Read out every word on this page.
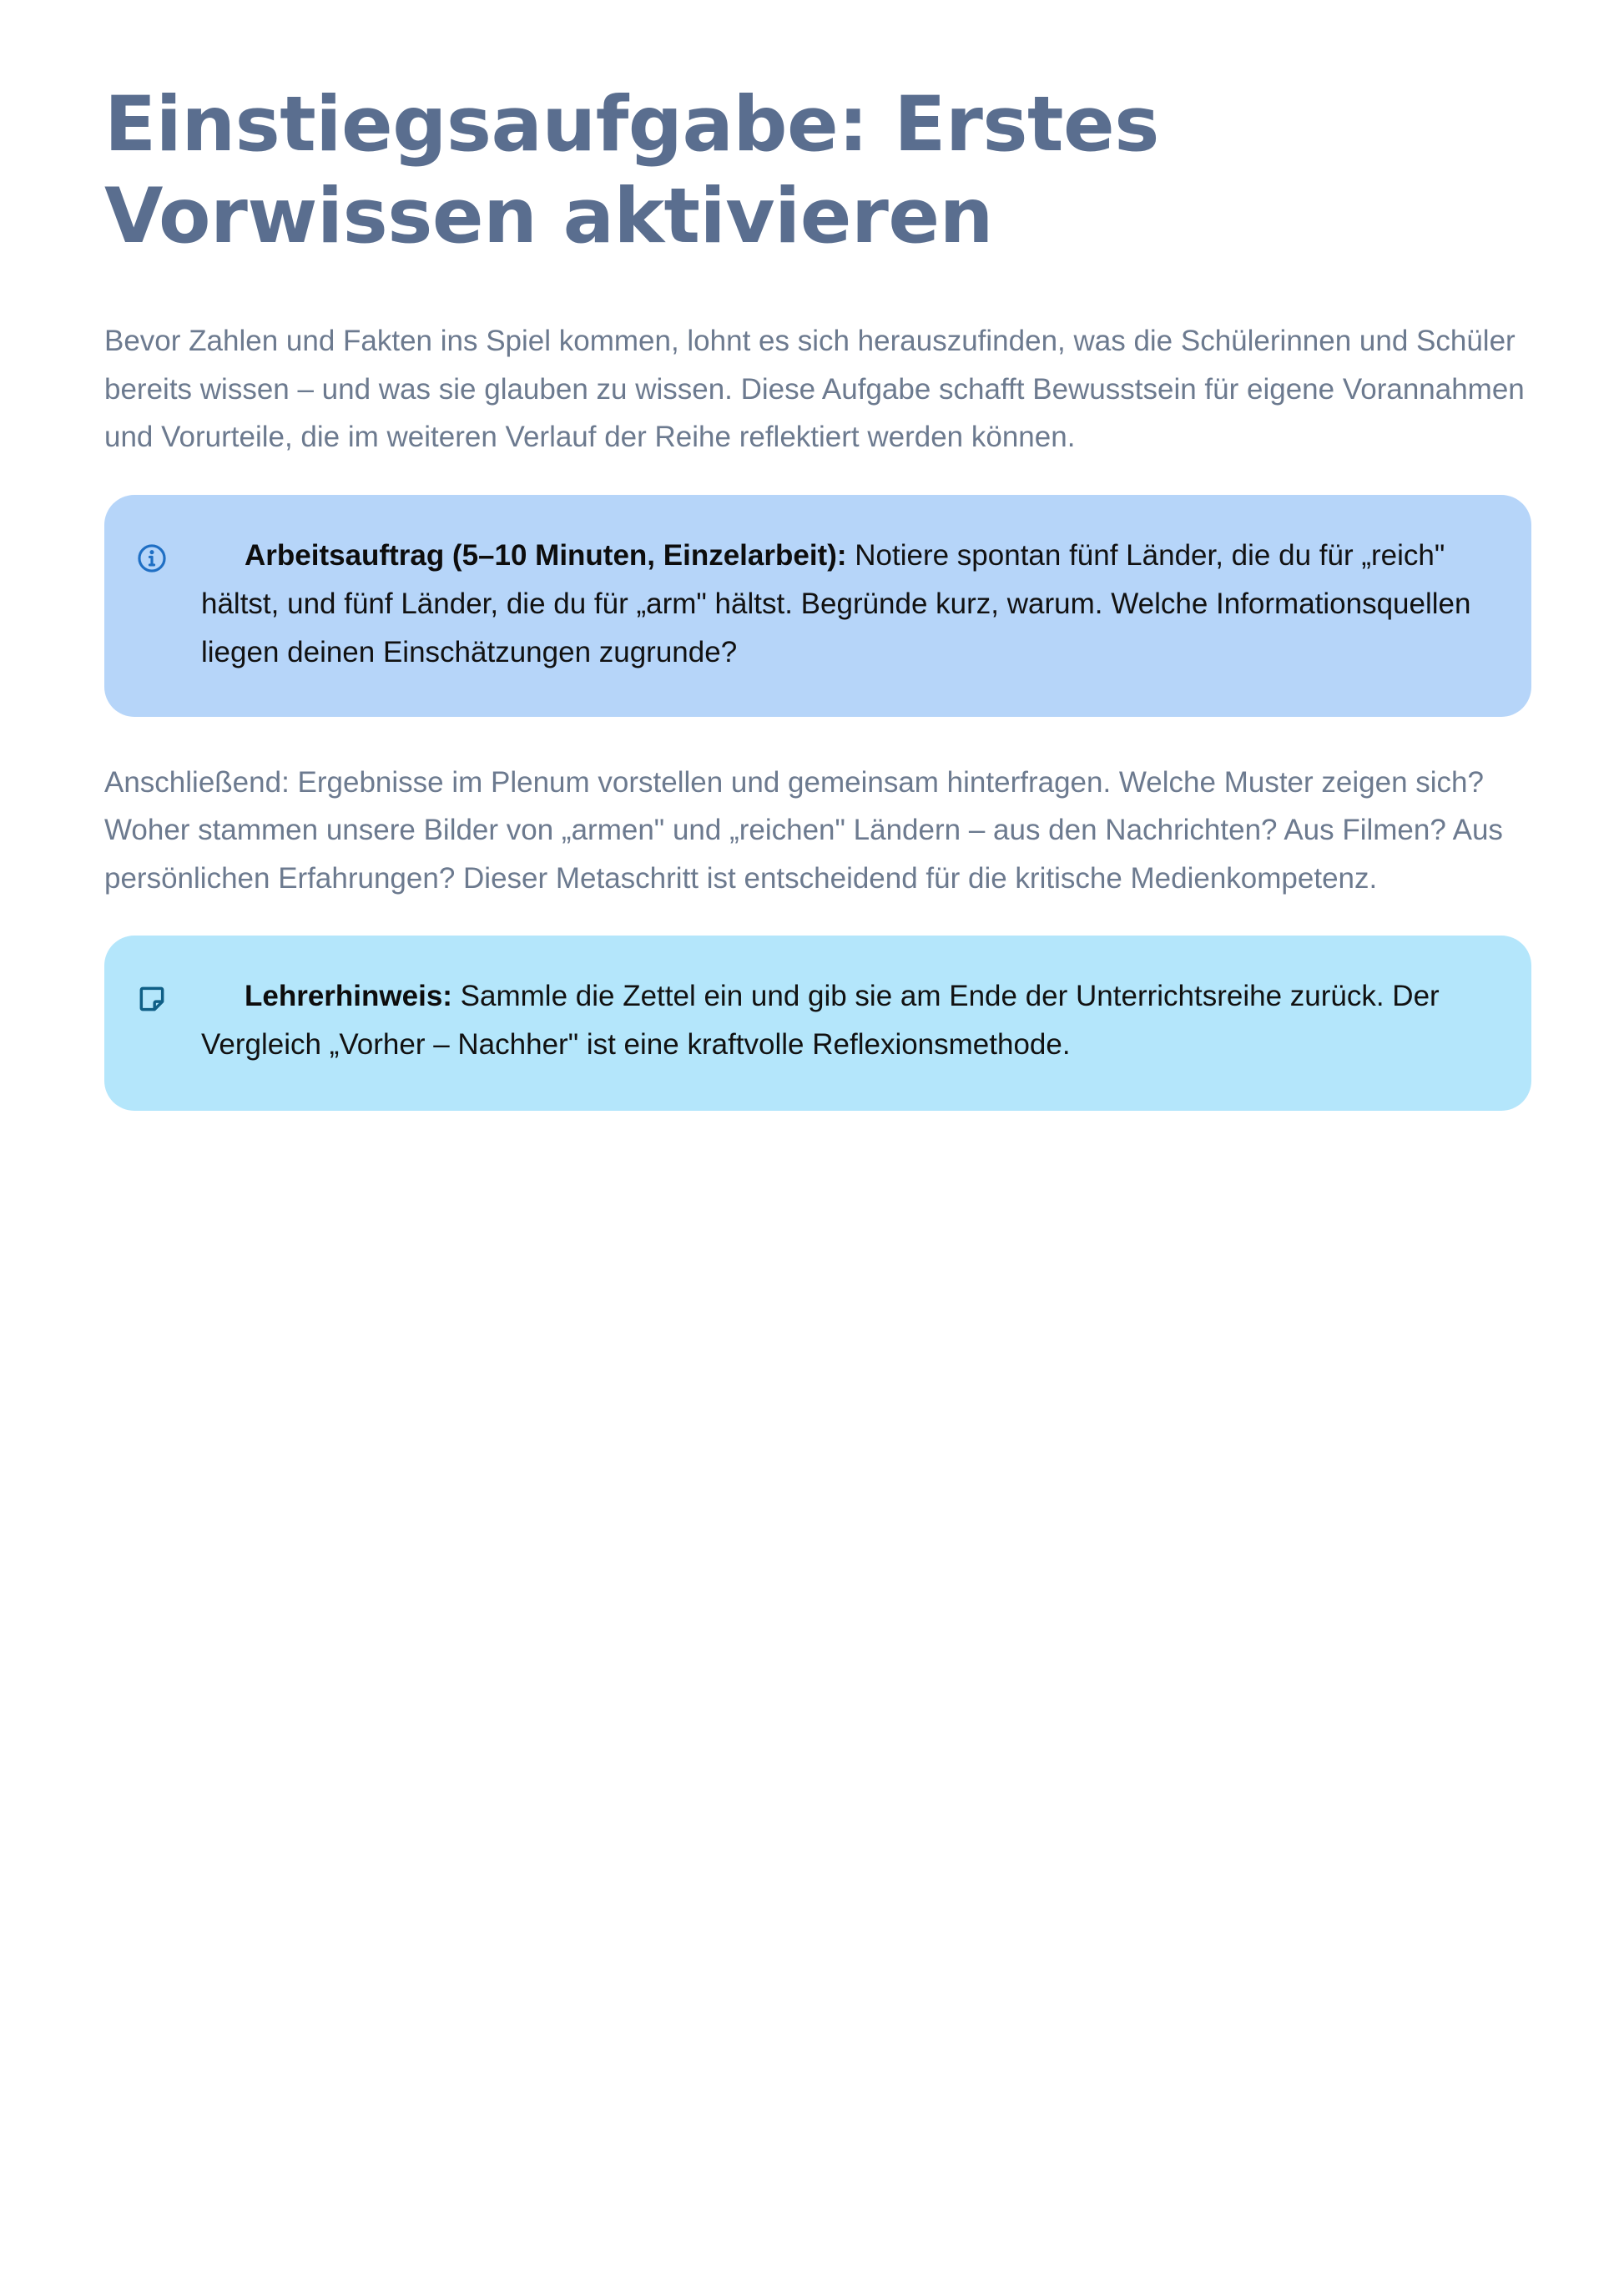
Einstiegsaufgabe: Erstes Vorwissen aktivieren

Bevor Zahlen und Fakten ins Spiel kommen, lohnt es sich herauszufinden, was die Schülerinnen und Schüler bereits wissen – und was sie glauben zu wissen. Diese Aufgabe schafft Bewusstsein für eigene Vorannahmen und Vorurteile, die im weiteren Verlauf der Reihe reflektiert werden können.

Arbeitsauftrag (5–10 Minuten, Einzelarbeit): Notiere spontan fünf Länder, die du für „reich" hältst, und fünf Länder, die du für „arm" hältst. Begründe kurz, warum. Welche Informationsquellen liegen deinen Einschätzungen zugrunde?

Anschließend: Ergebnisse im Plenum vorstellen und gemeinsam hinterfragen. Welche Muster zeigen sich? Woher stammen unsere Bilder von „armen" und „reichen" Ländern – aus den Nachrichten? Aus Filmen? Aus persönlichen Erfahrungen? Dieser Metaschritt ist entscheidend für die kritische Medienkompetenz.

Lehrerhinweis: Sammle die Zettel ein und gib sie am Ende der Unterrichtsreihe zurück. Der Vergleich „Vorher – Nachher" ist eine kraftvolle Reflexionsmethode.
